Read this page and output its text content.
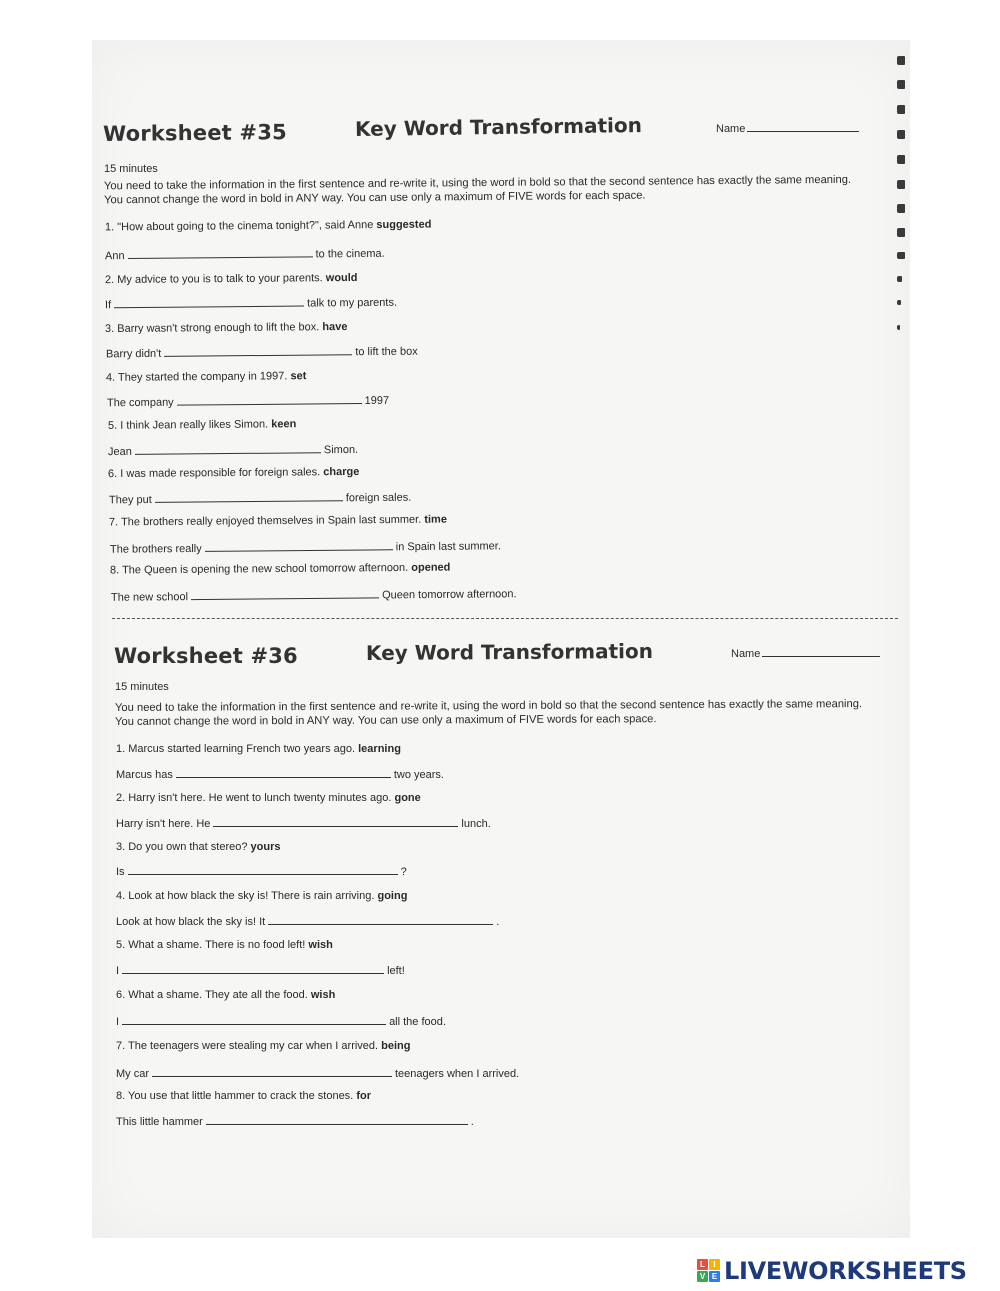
Worksheet #35	Key Word Transformation	Name
15 minutes
You need to take the information in the first sentence and re-write it, using the word in bold so that the second sentence has exactly the same meaning. You cannot change the word in bold in ANY way. You can use only a maximum of FIVE words for each space.
1. "How about going to the cinema tonight?", said Anne suggested
Ann	to the cinema.
2. My advice to you is to talk to your parents. would
If	talk to my parents.
3. Barry wasn't strong enough to lift the box. have
Barry didn't	to lift the box
4. They started the company in 1997. set
The company	1997
5. I think Jean really likes Simon. keen
Jean	Simon.
6. I was made responsible for foreign sales. charge
They put	foreign sales.
7. The brothers really enjoyed themselves in Spain last summer. time
The brothers really	in Spain last summer.
8. The Queen is opening the new school tomorrow afternoon. opened
The new school	Queen tomorrow afternoon.
Worksheet #36	Key Word Transformation	Name
15 minutes
You need to take the information in the first sentence and re-write it, using the word in bold so that the second sentence has exactly the same meaning. You cannot change the word in bold in ANY way. You can use only a maximum of FIVE words for each space.
1. Marcus started learning French two years ago. learning
Marcus has	two years.
2. Harry isn't here. He went to lunch twenty minutes ago. gone
Harry isn't here. He	lunch.
3. Do you own that stereo? yours
Is	?
4. Look at how black the sky is! There is rain arriving. going
Look at how black the sky is! It	.
5. What a shame. There is no food left! wish
I	left!
6. What a shame. They ate all the food. wish
I	all the food.
7. The teenagers were stealing my car when I arrived. being
My car	teenagers when I arrived.
8. You use that little hammer to crack the stones. for
This little hammer	.
L	I
V E LIVEWORKSHEETS
